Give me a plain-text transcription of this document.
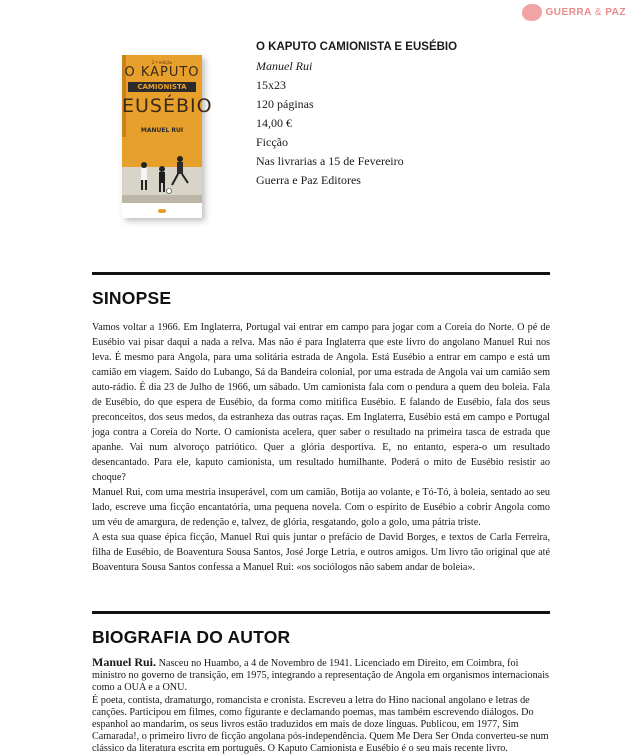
GUERRA & PAZ
2.ª edição
O KAPUTO
CAMIONISTA
EUSÉBIO
MANUEL RUI
O KAPUTO CAMIONISTA E EUSÉBIO
Manuel Rui
15x23
120 páginas
14,00 €
Ficção
Nas livrarias a 15 de Fevereiro
Guerra e Paz Editores
SINOPSE

Vamos voltar a 1966. Em Inglaterra, Portugal vai entrar em campo para jogar com a Coreia do Norte. O pé de Eusébio vai pisar daqui a nada a relva. Mas não é para Inglaterra que este livro do angolano Manuel Rui nos leva. É mesmo para Angola, para uma solitária estrada de Angola. Está Eusébio a entrar em campo e está um camião em viagem. Saído do Lubango, Sá da Bandeira colonial, por uma estrada de Angola vai um camião sem auto-rádio. É dia 23 de Julho de 1966, um sábado. Um camionista fala com o pendura a quem deu boleia. Fala de Eusébio, do que espera de Eusébio, da forma como mitifica Eusébio. E falando de Eusébio, fala dos seus preconceitos, dos seus medos, da estranheza das outras raças. Em Inglaterra, Eusébio está em campo e Portugal joga contra a Coreia do Norte. O camionista acelera, quer saber o resultado na primeira tasca de estrada que apanhe. Vai num alvoroço patriótico. Quer a glória desportiva. E, no entanto, espera-o um resultado desencantado. Para ele, kaputo camionista, um resultado humilhante. Poderá o mito de Eusébio resistir ao choque?

Manuel Rui, com uma mestria insuperável, com um camião, Botija ao volante, e Tó-Tó, à boleia, sentado ao seu lado, escreve uma ficção encantatória, uma pequena novela. Com o espírito de Eusébio a cobrir Angola como um véu de amargura, de redenção e, talvez, de glória, resgatando, golo a golo, uma pátria triste.

A esta sua quase épica ficção, Manuel Rui quis juntar o prefácio de David Borges, e textos de Carla Ferreira, filha de Eusébio, de Boaventura Sousa Santos, José Jorge Letria, e outros amigos. Um livro tão original que até Boaventura Sousa Santos confessa a Manuel Rui: «os sociólogos não sabem andar de boleia».

BIOGRAFIA DO AUTOR

Manuel Rui. Nasceu no Huambo, a 4 de Novembro de 1941. Licenciado em Direito, em Coimbra, foi ministro no governo de transição, em 1975, integrando a representação de Angola em organismos internacionais como a OUA e a ONU.

É poeta, contista, dramaturgo, romancista e cronista. Escreveu a letra do Hino nacional angolano e letras de canções. Participou em filmes, como figurante e declamando poemas, mas também escrevendo diálogos. Do espanhol ao mandarim, os seus livros estão traduzidos em mais de doze línguas. Publicou, em 1977, Sim Camarada!, o primeiro livro de ficção angolana pós-independência. Quem Me Dera Ser Onda converteu-se num clássico da literatura escrita em português. O Kaputo Camionista e Eusébio é o seu mais recente livro.
